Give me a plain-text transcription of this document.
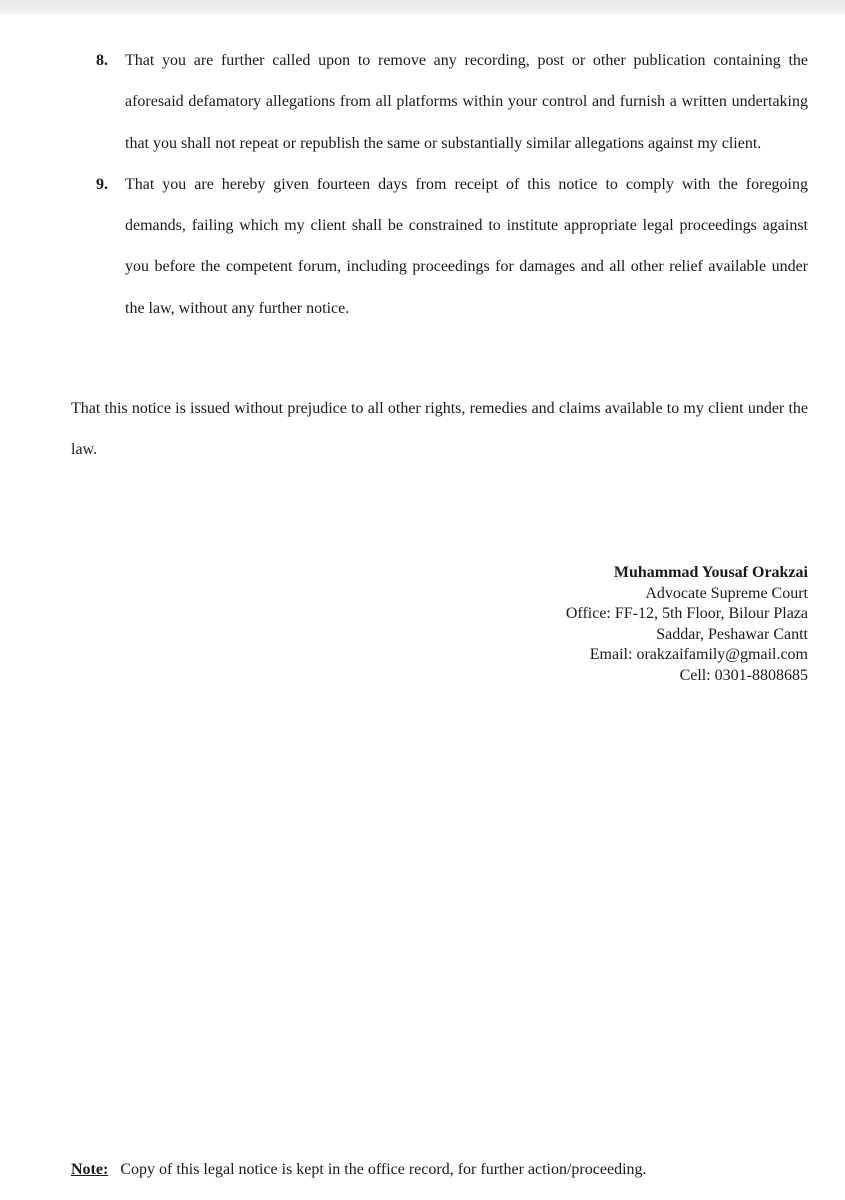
8.	That you are further called upon to remove any recording, post or other publication containing the aforesaid defamatory allegations from all platforms within your control and furnish a written undertaking that you shall not repeat or republish the same or substantially similar allegations against my client.
9.	That you are hereby given fourteen days from receipt of this notice to comply with the foregoing demands, failing which my client shall be constrained to institute appropriate legal proceedings against you before the competent forum, including proceedings for damages and all other relief available under the law, without any further notice.
That this notice is issued without prejudice to all other rights, remedies and claims available to my client under the law.
Muhammad Yousaf Orakzai
Advocate Supreme Court
Office: FF-12, 5th Floor, Bilour Plaza
Saddar, Peshawar Cantt
Email: orakzaifamily@gmail.com
Cell: 0301-8808685
Note: Copy of this legal notice is kept in the office record, for further action/proceeding.
